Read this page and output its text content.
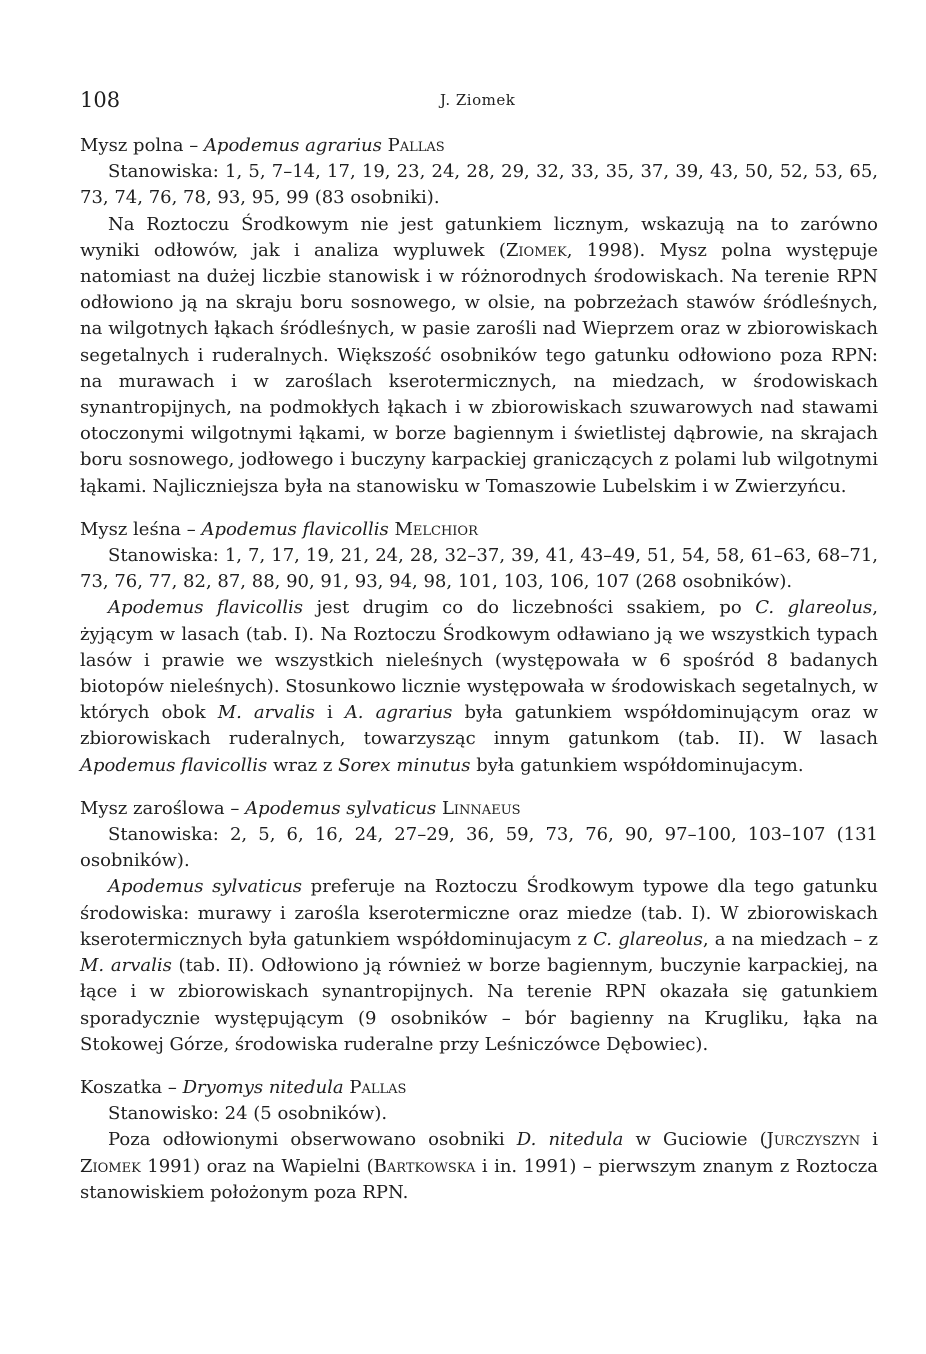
108	J. Ziomek

Mysz polna – Apodemus agrarius Pallas

Stanowiska: 1, 5, 7–14, 17, 19, 23, 24, 28, 29, 32, 33, 35, 37, 39, 43, 50, 52, 53, 65, 73, 74, 76, 78, 93, 95, 99 (83 osobniki).

Na Roztoczu Środkowym nie jest gatunkiem licznym, wskazują na to zarówno wyniki odłowów, jak i analiza wypluwek (Ziomek, 1998). Mysz polna występuje natomiast na dużej liczbie stanowisk i w różnorodnych środowiskach. Na terenie RPN odłowiono ją na skraju boru sosnowego, w olsie, na pobrzeżach stawów śródleśnych, na wilgotnych łąkach śródleśnych, w pasie zarośli nad Wieprzem oraz w zbiorowiskach segetalnych i ruderalnych. Większość osobników tego gatunku odłowiono poza RPN: na murawach i w zaroślach kserotermicznych, na miedzach, w środowiskach synantropijnych, na podmokłych łąkach i w zbiorowiskach szuwarowych nad stawami otoczonymi wilgotnymi łąkami, w borze bagiennym i świetlistej dąbrowie, na skrajach boru sosnowego, jodłowego i buczyny karpackiej graniczących z polami lub wilgotnymi łąkami. Najliczniejsza była na stanowisku w Tomaszowie Lubelskim i w Zwierzyńcu.

Mysz leśna – Apodemus flavicollis Melchior

Stanowiska: 1, 7, 17, 19, 21, 24, 28, 32–37, 39, 41, 43–49, 51, 54, 58, 61–63, 68–71, 73, 76, 77, 82, 87, 88, 90, 91, 93, 94, 98, 101, 103, 106, 107 (268 osobników).

Apodemus flavicollis jest drugim co do liczebności ssakiem, po C. glareolus, żyjącym w lasach (tab. I). Na Roztoczu Środkowym odławiano ją we wszystkich typach lasów i prawie we wszystkich nieleśnych (występowała w 6 spośród 8 badanych biotopów nieleśnych). Stosunkowo licznie występowała w środowiskach segetalnych, w których obok M. arvalis i A. agrarius była gatunkiem współdominującym oraz w zbiorowiskach ruderalnych, towarzysząc innym gatunkom (tab. II). W lasach Apodemus flavicollis wraz z Sorex minutus była gatunkiem współdominujacym.

Mysz zaroślowa – Apodemus sylvaticus Linnaeus

Stanowiska: 2, 5, 6, 16, 24, 27–29, 36, 59, 73, 76, 90, 97–100, 103–107 (131 osobników).

Apodemus sylvaticus preferuje na Roztoczu Środkowym typowe dla tego gatunku środowiska: murawy i zarośla kserotermiczne oraz miedze (tab. I). W zbiorowiskach kserotermicznych była gatunkiem współdominujacym z C. glareolus, a na miedzach – z M. arvalis (tab. II). Odłowiono ją również w borze bagiennym, buczynie karpackiej, na łące i w zbiorowiskach synantropijnych. Na terenie RPN okazała się gatunkiem sporadycznie występującym (9 osobników – bór bagienny na Krugliku, łąka na Stokowej Górze, środowiska ruderalne przy Leśniczówce Dębowiec).

Koszatka – Dryomys nitedula Pallas

Stanowisko: 24 (5 osobników).

Poza odłowionymi obserwowano osobniki D. nitedula w Guciowie (Jurczyszyn i Ziomek 1991) oraz na Wapielni (Bartkowska i in. 1991) – pierwszym znanym z Roztocza stanowiskiem położonym poza RPN.
